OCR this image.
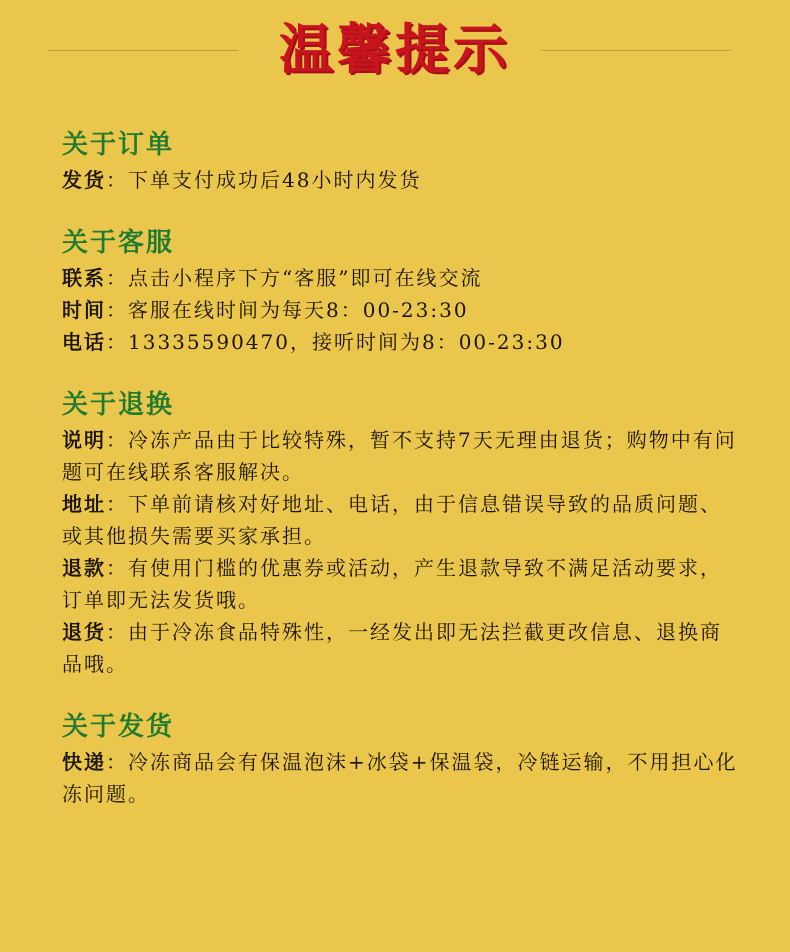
温馨提示
关于订单
发货：下单支付成功后48小时内发货
关于客服
联系：点击小程序下方“客服”即可在线交流
时间：客服在线时间为每天8：00-23:30
电话：13335590470，接听时间为8：00-23:30
关于退换
说明：冷冻产品由于比较特殊，暂不支持7天无理由退货；购物中有问题可在线联系客服解决。
地址：下单前请核对好地址、电话，由于信息错误导致的品质问题、或其他损失需要买家承担。
退款：有使用门槛的优惠券或活动，产生退款导致不满足活动要求，订单即无法发货哦。
退货：由于冷冻食品特殊性，一经发出即无法拦截更改信息、退换商品哦。
关于发货
快递：冷冻商品会有保温泡沫+冰袋+保温袋，冷链运输，不用担心化冻问题。
